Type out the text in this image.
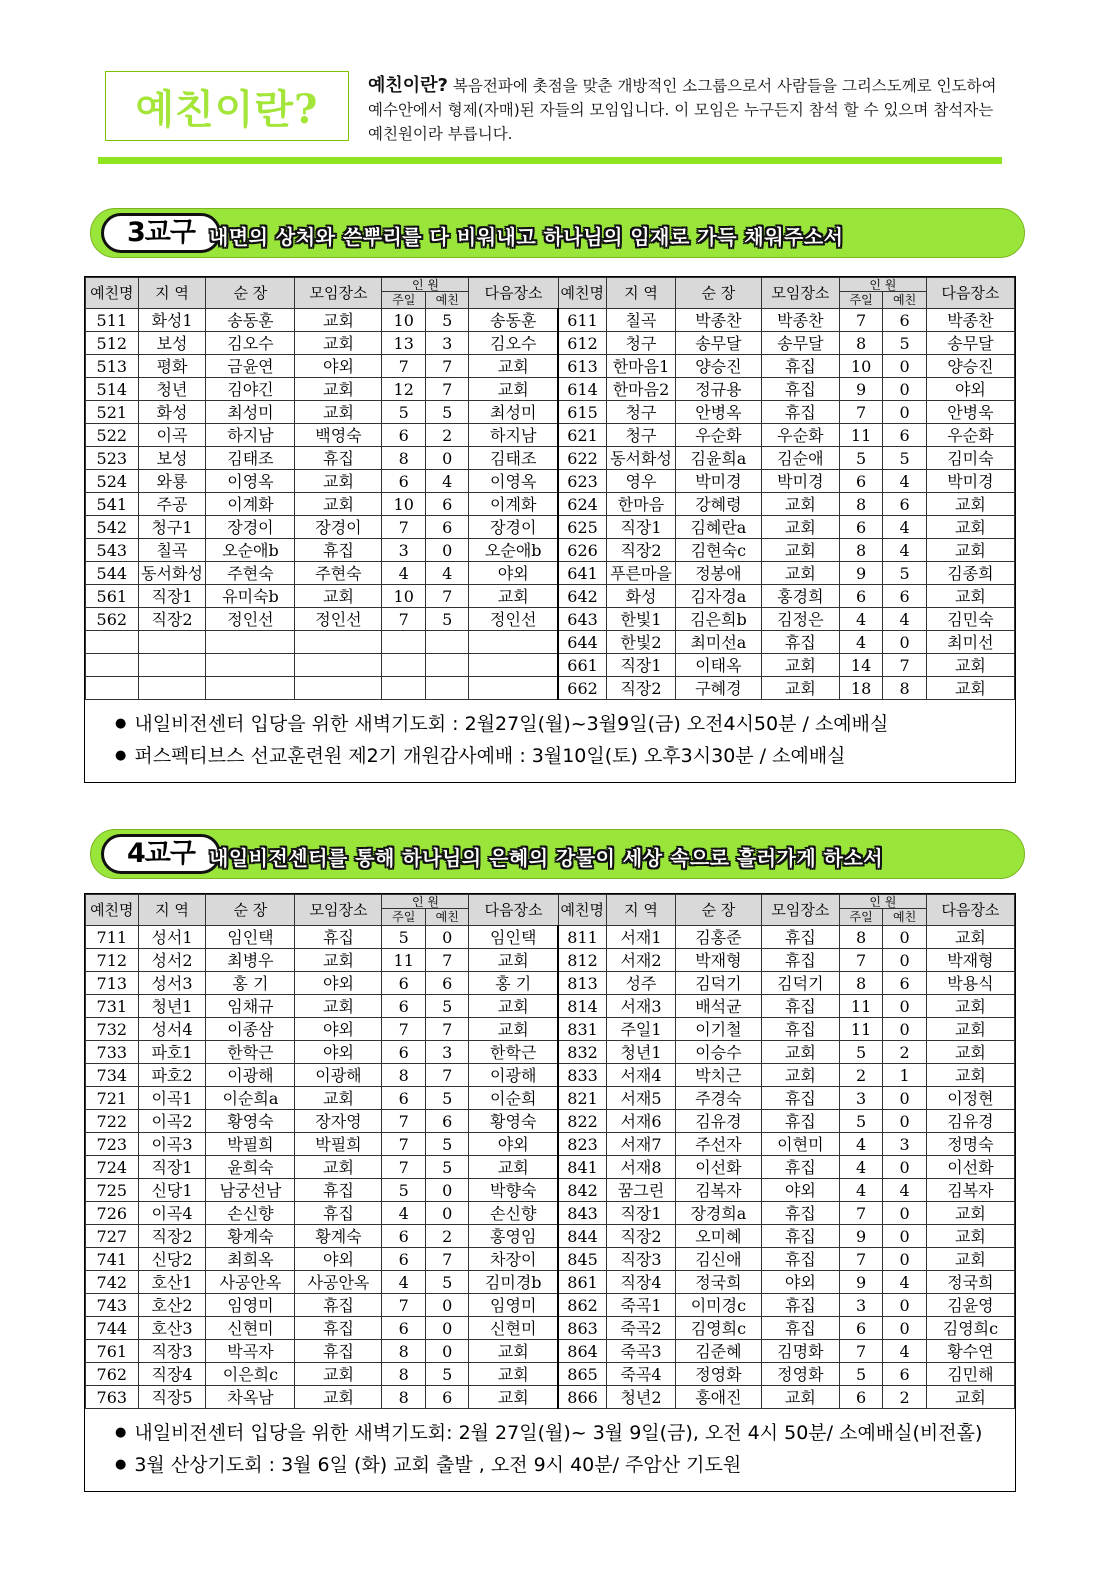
예친이란?	예친이란? 복음전파에 촛점을 맞춘 개방적인 소그룹으로서 사람들을 그리스도께로 인도하여 예수안에서 형제(자매)된 자들의 모임입니다. 이 모임은 누구든지 참석 할 수 있으며 참석자는 예친원이라 부릅니다.
3교구 내면의 상처와 쓴뿌리를 다 비워내고 하나님의 임재로 가득 채워주소서
예친명	지 역	순 장	모임장소	인 원
주일 예친		다음장소	예친명	지 역	순 장	모임장소	인 원
주일 예친		다음장소
511	화성1	송동훈	교회	10	5	송동훈	611	칠곡	박종찬	박종찬	7	6	박종찬
512	보성	김오수	교회	13	3	김오수	612	청구	송무달	송무달	8	5	송무달
513	평화	금윤연	야외	7	7	교회	613	한마음1	양승진	휴집	10	0	양승진
514	청년	김야긴	교회	12	7	교회	614	한마음2	정규용	휴집	9	0	야외
521	화성	최성미	교회	5	5	최성미	615	청구	안병옥	휴집	7	0	안병욱
522	이곡	하지남	백영숙	6	2	하지남	621	청구	우순화	우순화	11	6	우순화
523	보성	김태조	휴집	8	0	김태조	622	동서화성	김윤희a	김순애	5	5	김미숙
524	와룡	이영옥	교회	6	4	이영옥	623	영우	박미경	박미경	6	4	박미경
541	주공	이계화	교회	10	6	이계화	624	한마음	강혜령	교회	8	6	교회
542	청구1	장경이	장경이	7	6	장경이	625	직장1	김혜란a	교회	6	4	교회
543	칠곡	오순애b	휴집	3	0	오순애b	626	직장2	김현숙c	교회	8	4	교회
544	동서화성	주현숙	주현숙	4	4	야외	641	푸른마을	정봉애	교회	9	5	김종희
561	직장1	유미숙b	교회	10	7	교회	642	화성	김자경a	홍경희	6	6	교회
562	직장2	정인선	정인선	7	5	정인선	643	한빛1	김은희b	김정은	4	4	김민숙
							644	한빛2	최미선a	휴집	4	0	최미선
							661	직장1	이태옥	교회	14	7	교회
							662	직장2	구혜경	교회	18	8	교회
● 내일비전센터 입당을 위한 새벽기도회 : 2월27일(월)~3월9일(금) 오전4시50분 / 소예배실
● 퍼스펙티브스 선교훈련원 제2기 개원감사예배 : 3월10일(토) 오후3시30분 / 소예배실
4교구 내일비전센터를 통해 하나님의 은혜의 강물이 세상 속으로 흘러가게 하소서
예친명	지 역	순 장	모임장소	인 원
주일 예친		다음장소	예친명	지 역	순 장	모임장소	인 원
주일 예친		다음장소
711	성서1	임인택	휴집	5	0	임인택	811	서재1	김홍준	휴집	8	0	교회
712	성서2	최병우	교회	11	7	교회	812	서재2	박재형	휴집	7	0	박재형
713	성서3	홍 기	야외	6	6	홍 기	813	성주	김덕기	김덕기	8	6	박용식
731	청년1	임채규	교회	6	5	교회	814	서재3	배석균	휴집	11	0	교회
732	성서4	이종삼	야외	7	7	교회	831	주일1	이기철	휴집	11	0	교회
733	파호1	한학근	야외	6	3	한학근	832	청년1	이승수	교회	5	2	교회
734	파호2	이광해	이광해	8	7	이광해	833	서재4	박치근	교회	2	1	교회
721	이곡1	이순희a	교회	6	5	이순희	821	서재5	주경숙	휴집	3	0	이정현
722	이곡2	황영숙	장자영	7	6	황영숙	822	서재6	김유경	휴집	5	0	김유경
723	이곡3	박필희	박필희	7	5	야외	823	서재7	주선자	이현미	4	3	정명숙
724	직장1	윤희숙	교회	7	5	교회	841	서재8	이선화	휴집	4	0	이선화
725	신당1	남궁선남	휴집	5	0	박향숙	842	꿈그린	김복자	야외	4	4	김복자
726	이곡4	손신향	휴집	4	0	손신향	843	직장1	장경희a	휴집	7	0	교회
727	직장2	황계숙	황계숙	6	2	홍영임	844	직장2	오미혜	휴집	9	0	교회
741	신당2	최희옥	야외	6	7	차장이	845	직장3	김신애	휴집	7	0	교회
742	호산1	사공안옥	사공안옥	4	5	김미경b	861	직장4	정국희	야외	9	4	정국희
743	호산2	임영미	휴집	7	0	임영미	862	죽곡1	이미경c	휴집	3	0	김윤영
744	호산3	신현미	휴집	6	0	신현미	863	죽곡2	김영희c	휴집	6	0	김영희c
761	직장3	박곡자	휴집	8	0	교회	864	죽곡3	김준혜	김명화	7	4	황수연
762	직장4	이은희c	교회	8	5	교회	865	죽곡4	정영화	정영화	5	6	김민해
763	직장5	차옥남	교회	8	6	교회	866	청년2	홍애진	교회	6	2	교회
● 내일비전센터 입당을 위한 새벽기도회: 2월 27일(월)~ 3월 9일(금), 오전 4시 50분/ 소예배실(비전홀)
● 3월 산상기도회 : 3월 6일 (화) 교회 출발 , 오전 9시 40분/ 주암산 기도원
